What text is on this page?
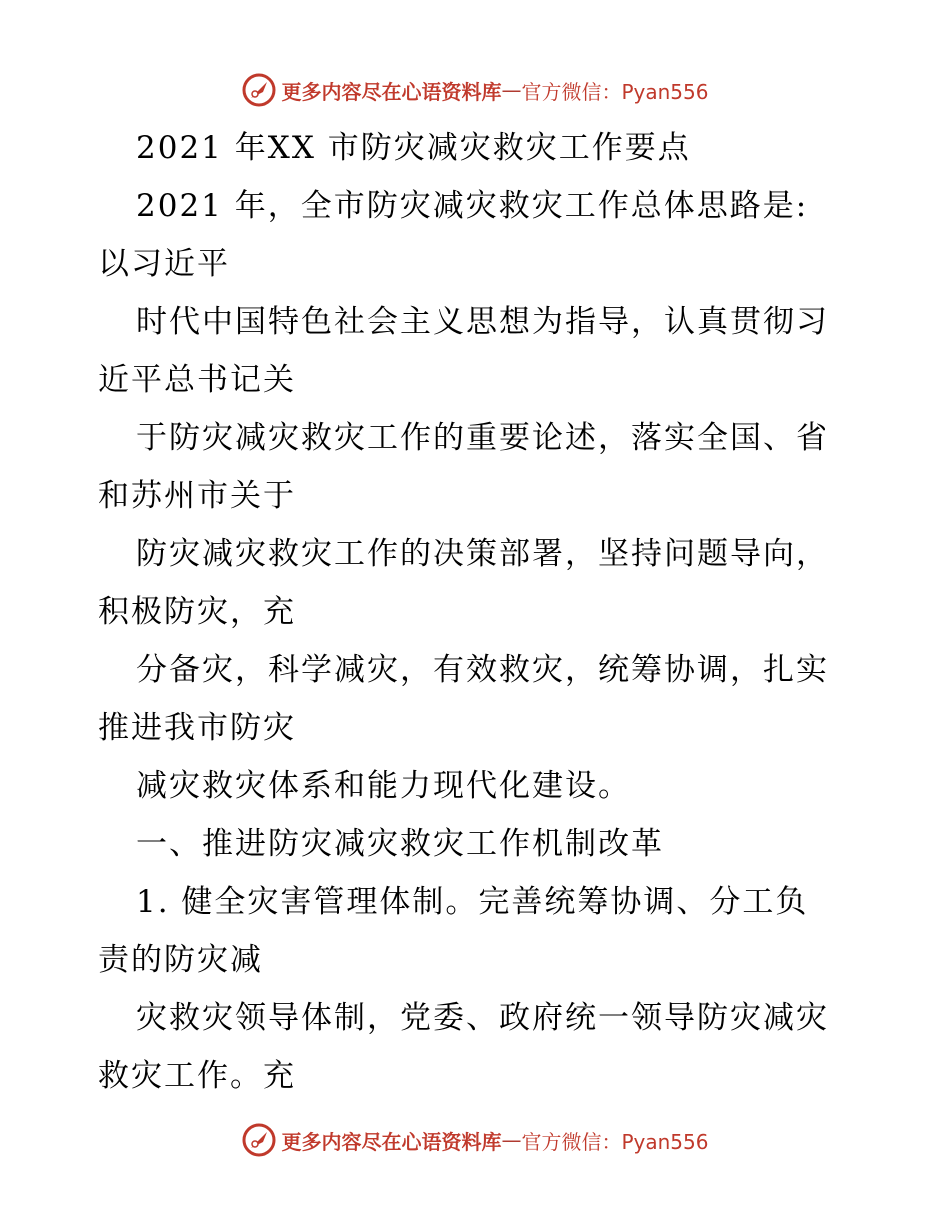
更多内容尽在心语资料库 — 官方微信：Pyan556
2021 年XX 市防灾减灾救灾工作要点
2021 年，全市防灾减灾救灾工作总体思路是:
以习近平
时代中国特色社会主义思想为指导，认真贯彻习
近平总书记关
于防灾减灾救灾工作的重要论述，落实全国、省
和苏州市关于
防灾减灾救灾工作的决策部署，坚持问题导向，
积极防灾，充
分备灾，科学减灾，有效救灾，统筹协调，扎实
推进我市防灾
减灾救灾体系和能力现代化建设。
一、推进防灾减灾救灾工作机制改革
1. 健全灾害管理体制。完善统筹协调、分工负
责的防灾减
灾救灾领导体制，党委、政府统一领导防灾减灾
救灾工作。充
更多内容尽在心语资料库 — 官方微信：Pyan556
